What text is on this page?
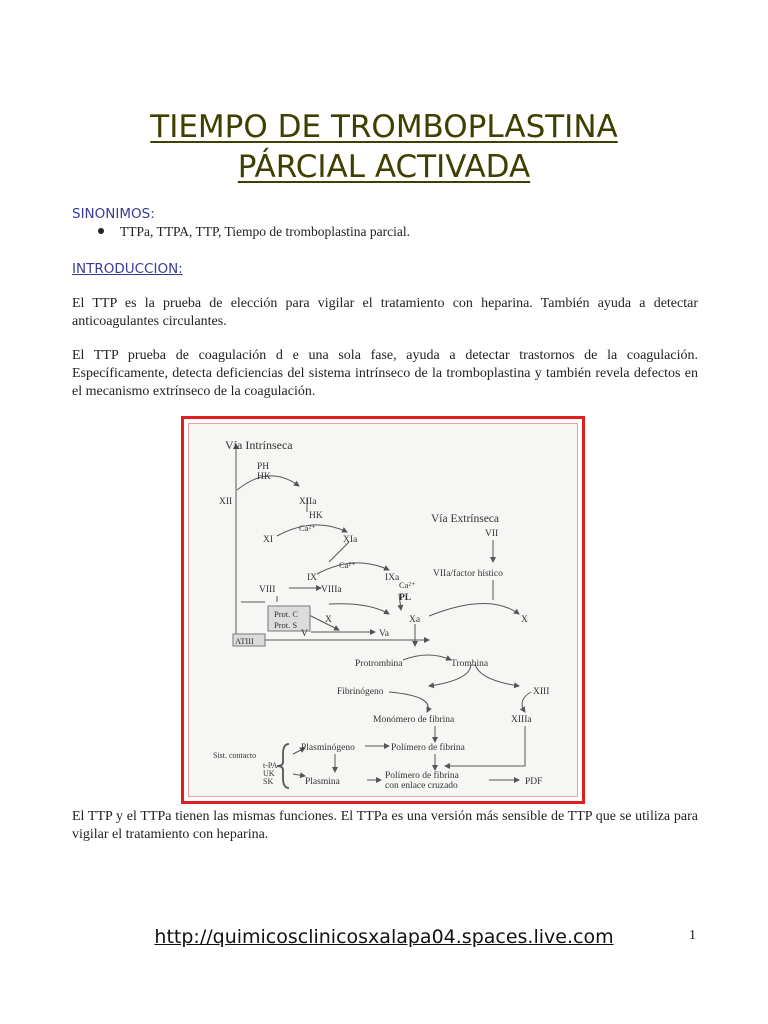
TIEMPO DE TROMBOPLASTINA
PÁRCIAL ACTIVADA
SINONIMOS:
TTPa, TTPA, TTP, Tiempo de tromboplastina parcial.
INTRODUCCION:
El TTP es la prueba de elección para vigilar el tratamiento con heparina. También ayuda a detectar anticoagulantes circulantes.
El TTP prueba de coagulación d e una sola fase, ayuda a detectar trastornos de la coagulación. Específicamente, detecta deficiencias del sistema intrínseco de la tromboplastina y también revela defectos en el mecanismo extrínseco de la coagulación.
Vía Intrínseca
PH
HK
XII	XIIa
HK
Ca²⁺
XI	XIa
Ca²⁺
IX	IXa
Vía Extrínseca
VII
VIIa/factor hístico
VIII	VIIIa	Ca²⁺
PL
Prot. C
Prot. S	X	Xa	X
V	Va
ATIII
Protrombina	Trombina
Fibrinógeno	XIII
Monómero de fibrina	XIIIa
Sist. contacto
t-PA
UK
SK
Plasminógeno	Polímero de fibrina
Plasmina
Polímero de fibrina
con enlace cruzado	PDF
El TTP y el TTPa tienen las mismas funciones. El TTPa es una versión más sensible de TTP que se utiliza para vigilar el tratamiento con heparina.
http://quimicosclinicosxalapa04.spaces.live.com	1
